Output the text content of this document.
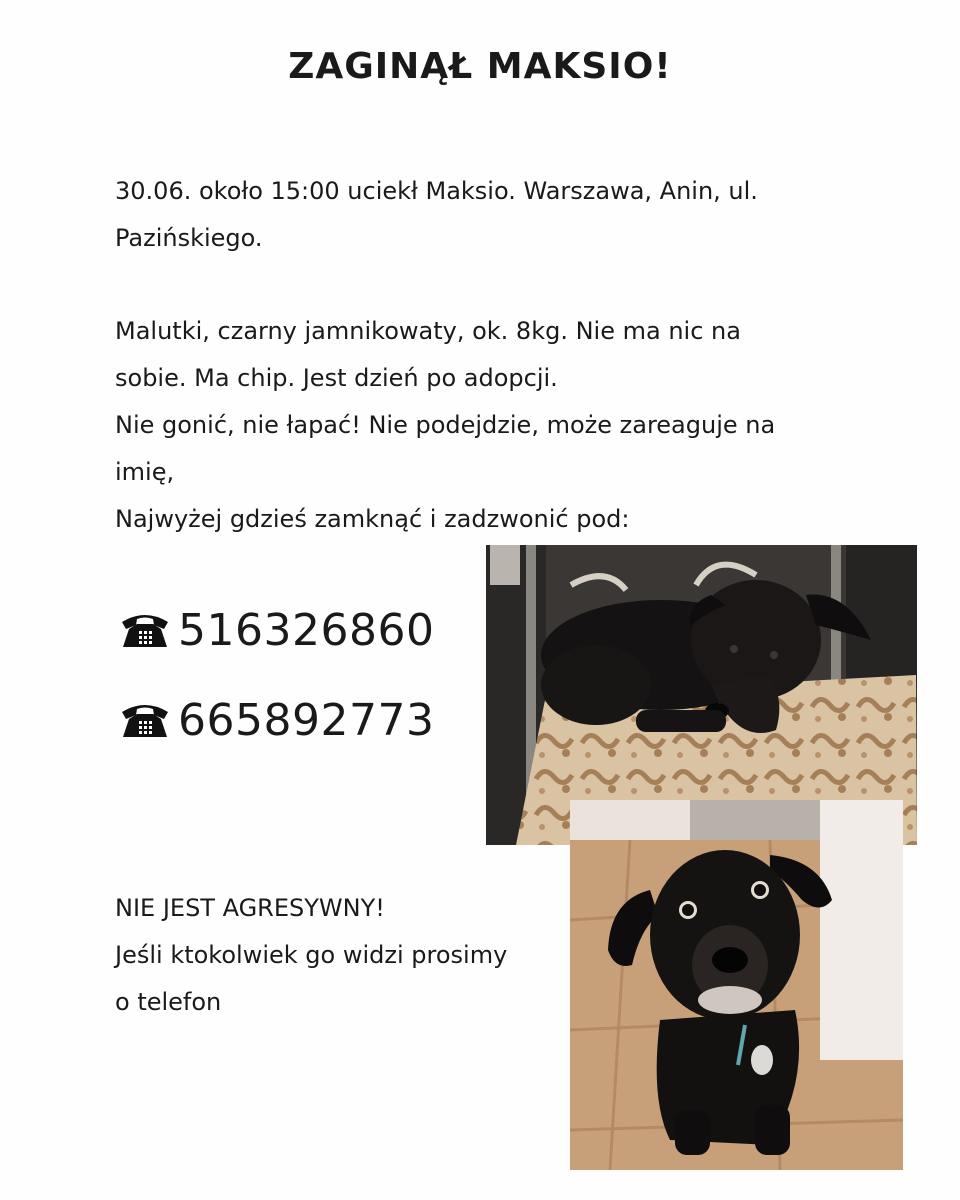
ZAGINĄŁ MAKSIO!
30.06. około 15:00 uciekł Maksio. Warszawa, Anin, ul.
Pazińskiego.
Malutki, czarny jamnikowaty, ok. 8kg. Nie ma nic na
sobie. Ma chip. Jest dzień po adopcji.
Nie gonić, nie łapać! Nie podejdzie, może zareaguje na
imię,
Najwyżej gdzieś zamknąć i zadzwonić pod:
516326860
665892773
NIE JEST AGRESYWNY!
Jeśli ktokolwiek go widzi prosimy
o telefon
